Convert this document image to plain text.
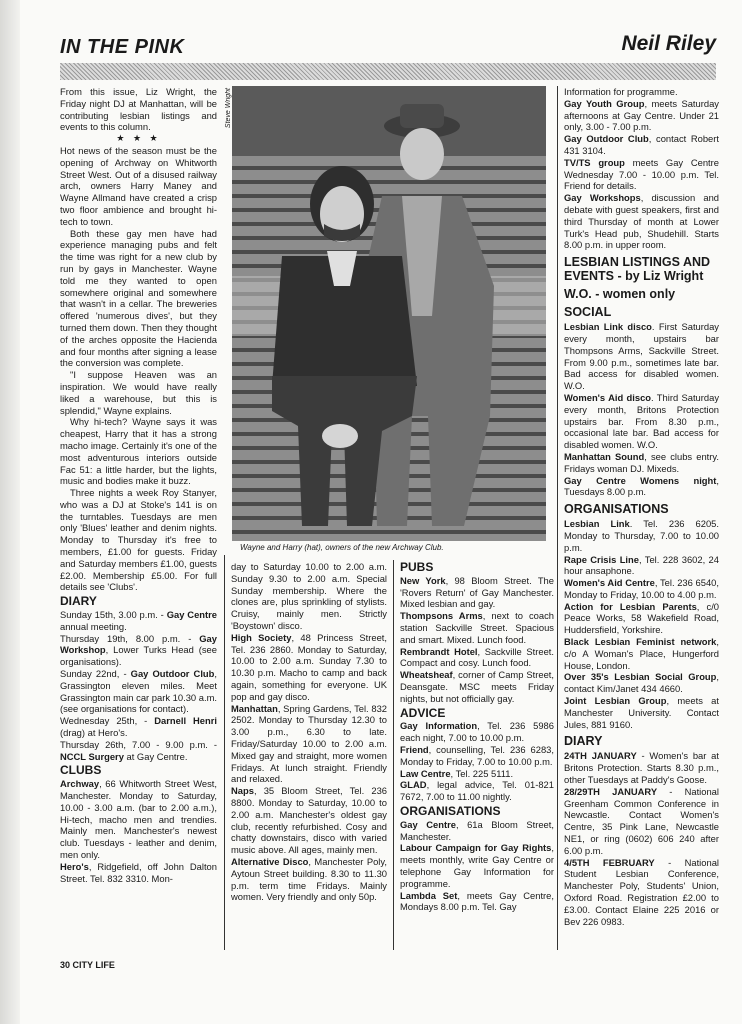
IN THE PINK	Neil Riley

From this issue, Liz Wright, the Friday night DJ at Manhattan, will be contributing lesbian listings and events to this column.

★ ★ ★

Hot news of the season must be the opening of Archway on Whitworth Street West. Out of a disused railway arch, owners Harry Maney and Wayne Allmand have created a crisp two floor ambience and brought hi-tech to town.

Both these gay men have had experience managing pubs and felt the time was right for a new club by run by gays in Manchester. Wayne told me they wanted to open somewhere original and somewhere that wasn't in a cellar. The breweries offered 'numerous dives', but they turned them down. Then they thought of the arches opposite the Hacienda and four months after signing a lease the conversion was complete.

"I suppose Heaven was an inspiration. We would have really liked a warehouse, but this is splendid," Wayne explains.

Why hi-tech? Wayne says it was cheapest, Harry that it has a strong macho image. Certainly it's one of the most adventurous interiors outside Fac 51: a little harder, but the lights, music and bodies make it buzz.

Three nights a week Roy Stanyer, who was a DJ at Stoke's 141 is on the turntables. Tuesdays are men only 'Blues' leather and denim nights. Monday to Thursday it's free to members, £1.00 for guests. Friday and Saturday members £1.00, guests £2.00. Membership £5.00. For full details see 'Clubs'.

DIARY

Sunday 15th, 3.00 p.m. - Gay Centre annual meeting.

Thursday 19th, 8.00 p.m. - Gay Workshop, Lower Turks Head (see organisations).

Sunday 22nd, - Gay Outdoor Club, Grassington eleven miles. Meet Grassington main car park 10.30 a.m. (see organisations for contact).

Wednesday 25th, - Darnell Henri (drag) at Hero's.

Thursday 26th, 7.00 - 9.00 p.m. - NCCL Surgery at Gay Centre.

CLUBS

Archway, 66 Whitworth Street West, Manchester. Monday to Saturday, 10.00 - 3.00 a.m. (bar to 2.00 a.m.), Hi-tech, macho men and trendies. Mainly men. Manchester's newest club. Tuesdays - leather and denim, men only.

Hero's, Ridgefield, off John Dalton Street. Tel. 832 3310. Mon-

Steve Wright
Wayne and Harry (hat), owners of the new Archway Club.

day to Saturday 10.00 to 2.00 a.m. Sunday 9.30 to 2.00 a.m. Special Sunday membership. Where the clones are, plus sprinkling of stylists. Cruisy, mainly men. Strictly 'Boystown' disco.

High Society, 48 Princess Street, Tel. 236 2860. Monday to Saturday, 10.00 to 2.00 a.m. Sunday 7.30 to 10.30 p.m. Macho to camp and back again, something for everyone. UK pop and gay disco.

Manhattan, Spring Gardens, Tel. 832 2502. Monday to Thursday 12.30 to 3.00 p.m., 6.30 to late. Friday/Saturday 10.00 to 2.00 a.m. Mixed gay and straight, more women Fridays. At lunch straight. Friendly and relaxed.

Naps, 35 Bloom Street, Tel. 236 8800. Monday to Saturday, 10.00 to 2.00 a.m. Manchester's oldest gay club, recently refurbished. Cosy and chatty downstairs, disco with varied music above. All ages, mainly men.

Alternative Disco, Manchester Poly, Aytoun Street building. 8.30 to 11.30 p.m. term time Fridays. Mainly women. Very friendly and only 50p.

PUBS

New York, 98 Bloom Street. The 'Rovers Return' of Gay Manchester. Mixed lesbian and gay.

Thompsons Arms, next to coach station Sackville Street. Spacious and smart. Mixed. Lunch food.

Rembrandt Hotel, Sackville Street. Compact and cosy. Lunch food.

Wheatsheaf, corner of Camp Street, Deansgate. MSC meets Friday nights, but not officially gay.

ADVICE

Gay Information, Tel. 236 5986 each night, 7.00 to 10.00 p.m.

Friend, counselling, Tel. 236 6283, Monday to Friday, 7.00 to 10.00 p.m.

Law Centre, Tel. 225 5111.

GLAD, legal advice, Tel. 01-821 7672, 7.00 to 11.00 nightly.

ORGANISATIONS

Gay Centre, 61a Bloom Street, Manchester.

Labour Campaign for Gay Rights, meets monthly, write Gay Centre or telephone Gay Information for programme.

Lambda Set, meets Gay Centre, Mondays 8.00 p.m. Tel. Gay

Information for programme.

Gay Youth Group, meets Saturday afternoons at Gay Centre. Under 21 only, 3.00 - 7.00 p.m.

Gay Outdoor Club, contact Robert 431 3104.

TV/TS group meets Gay Centre Wednesday 7.00 - 10.00 p.m. Tel. Friend for details.

Gay Workshops, discussion and debate with guest speakers, first and third Thursday of month at Lower Turk's Head pub, Shudehill. Starts 8.00 p.m. in upper room.

LESBIAN LISTINGS AND EVENTS - by Liz Wright
W.O. - women only
SOCIAL

Lesbian Link disco. First Saturday every month, upstairs bar Thompsons Arms, Sackville Street. From 9.00 p.m., sometimes late bar. Bad access for disabled women. W.O.

Women's Aid disco. Third Saturday every month, Britons Protection upstairs bar. From 8.30 p.m., occasional late bar. Bad access for disabled women. W.O.

Manhattan Sound, see clubs entry. Fridays woman DJ. Mixeds.

Gay Centre Womens night, Tuesdays 8.00 p.m.

ORGANISATIONS

Lesbian Link. Tel. 236 6205. Monday to Thursday, 7.00 to 10.00 p.m.

Rape Crisis Line, Tel. 228 3602, 24 hour ansaphone.

Women's Aid Centre, Tel. 236 6540, Monday to Friday, 10.00 to 4.00 p.m.

Action for Lesbian Parents, c/0 Peace Works, 58 Wakefield Road, Huddersfield, Yorkshire.

Black Lesbian Feminist network, c/o A Woman's Place, Hungerford House, London.

Over 35's Lesbian Social Group, contact Kim/Janet 434 4660.

Joint Lesbian Group, meets at Manchester University. Contact Jules, 881 9160.

DIARY

24TH JANUARY - Women's bar at Britons Protection. Starts 8.30 p.m., other Tuesdays at Paddy's Goose.

28/29TH JANUARY - National Greenham Common Conference in Newcastle. Contact Women's Centre, 35 Pink Lane, Newcastle NE1, or ring (0602) 606 240 after 6.00 p.m.

4/5TH FEBRUARY - National Student Lesbian Conference, Manchester Poly, Students' Union, Oxford Road. Registration £2.00 to £3.00. Contact Elaine 225 2016 or Bev 226 0983.

30 CITY LIFE
